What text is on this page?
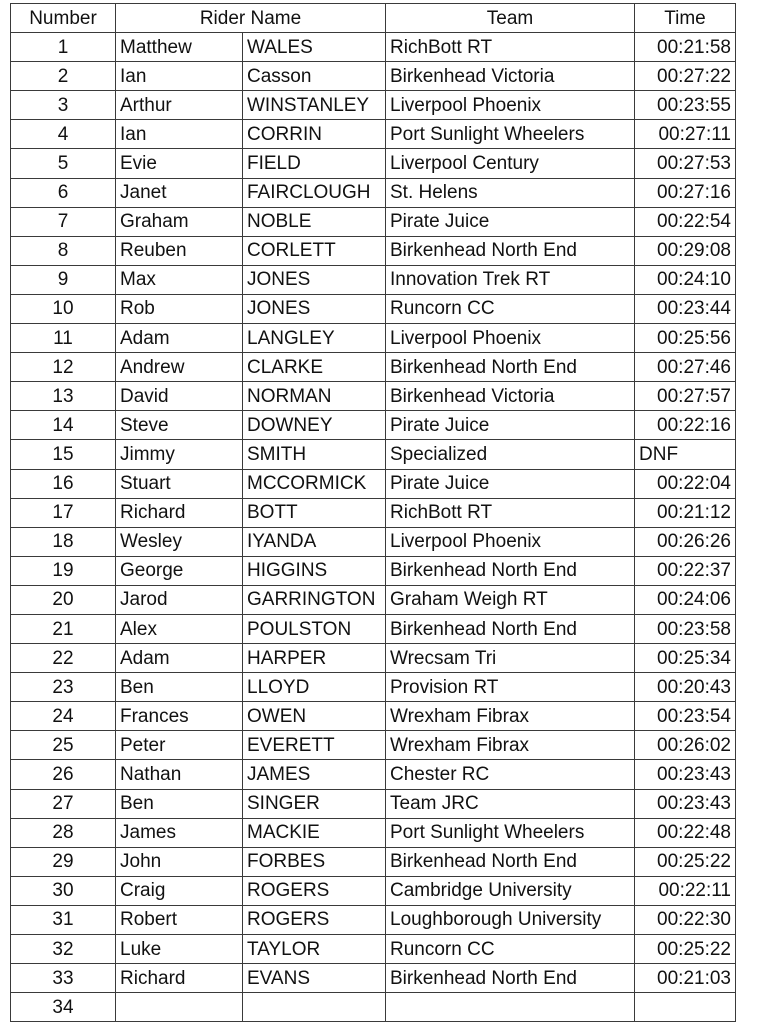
Number	Rider Name		Team	Time
1	Matthew	WALES	RichBott RT	00:21:58
2	Ian	Casson	Birkenhead Victoria	00:27:22
3	Arthur	WINSTANLEY	Liverpool Phoenix	00:23:55
4	Ian	CORRIN	Port Sunlight Wheelers	00:27:11
5	Evie	FIELD	Liverpool Century	00:27:53
6	Janet	FAIRCLOUGH	St. Helens	00:27:16
7	Graham	NOBLE	Pirate Juice	00:22:54
8	Reuben	CORLETT	Birkenhead North End	00:29:08
9	Max	JONES	Innovation Trek RT	00:24:10
10	Rob	JONES	Runcorn CC	00:23:44
11	Adam	LANGLEY	Liverpool Phoenix	00:25:56
12	Andrew	CLARKE	Birkenhead North End	00:27:46
13	David	NORMAN	Birkenhead Victoria	00:27:57
14	Steve	DOWNEY	Pirate Juice	00:22:16
15	Jimmy	SMITH	Specialized	DNF
16	Stuart	MCCORMICK	Pirate Juice	00:22:04
17	Richard	BOTT	RichBott RT	00:21:12
18	Wesley	IYANDA	Liverpool Phoenix	00:26:26
19	George	HIGGINS	Birkenhead North End	00:22:37
20	Jarod	GARRINGTON	Graham Weigh RT	00:24:06
21	Alex	POULSTON	Birkenhead North End	00:23:58
22	Adam	HARPER	Wrecsam Tri	00:25:34
23	Ben	LLOYD	Provision RT	00:20:43
24	Frances	OWEN	Wrexham Fibrax	00:23:54
25	Peter	EVERETT	Wrexham Fibrax	00:26:02
26	Nathan	JAMES	Chester RC	00:23:43
27	Ben	SINGER	Team JRC	00:23:43
28	James	MACKIE	Port Sunlight Wheelers	00:22:48
29	John	FORBES	Birkenhead North End	00:25:22
30	Craig	ROGERS	Cambridge University	00:22:11
31	Robert	ROGERS	Loughborough University	00:22:30
32	Luke	TAYLOR	Runcorn CC	00:25:22
33	Richard	EVANS	Birkenhead North End	00:21:03
34				
